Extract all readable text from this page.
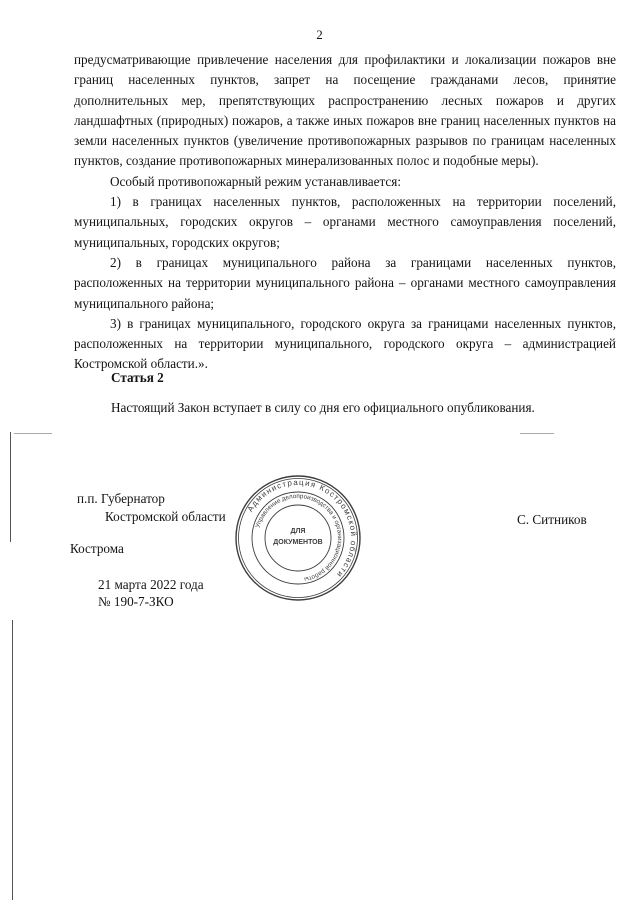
2

предусматривающие привлечение населения для профилактики и локализации пожаров вне границ населенных пунктов, запрет на посещение гражданами лесов, принятие дополнительных мер, препятствующих распространению лесных пожаров и других ландшафтных (природных) пожаров, а также иных пожаров вне границ населенных пунктов на земли населенных пунктов (увеличение противопожарных разрывов по границам населенных пунктов, создание противопожарных минерализованных полос и подобные меры).

Особый противопожарный режим устанавливается:

1) в границах населенных пунктов, расположенных на территории поселений, муниципальных, городских округов – органами местного самоуправления поселений, муниципальных, городских округов;

2) в границах муниципального района за границами населенных пунктов, расположенных на территории муниципального района – органами местного самоуправления муниципального района;

3) в границах муниципального, городского округа за границами населенных пунктов, расположенных на территории муниципального, городского округа – администрацией Костромской области.».

Статья 2
Настоящий Закон вступает в силу со дня его официального опубликования.
п.п. Губернатор
Костромской области	С. Ситников
Кострома
21 марта 2022 года
№ 190-7-ЗКО
Администрация Костромской области
Управление делопроизводства и организационной работы
ДЛЯ
ДОКУМЕНТОВ
